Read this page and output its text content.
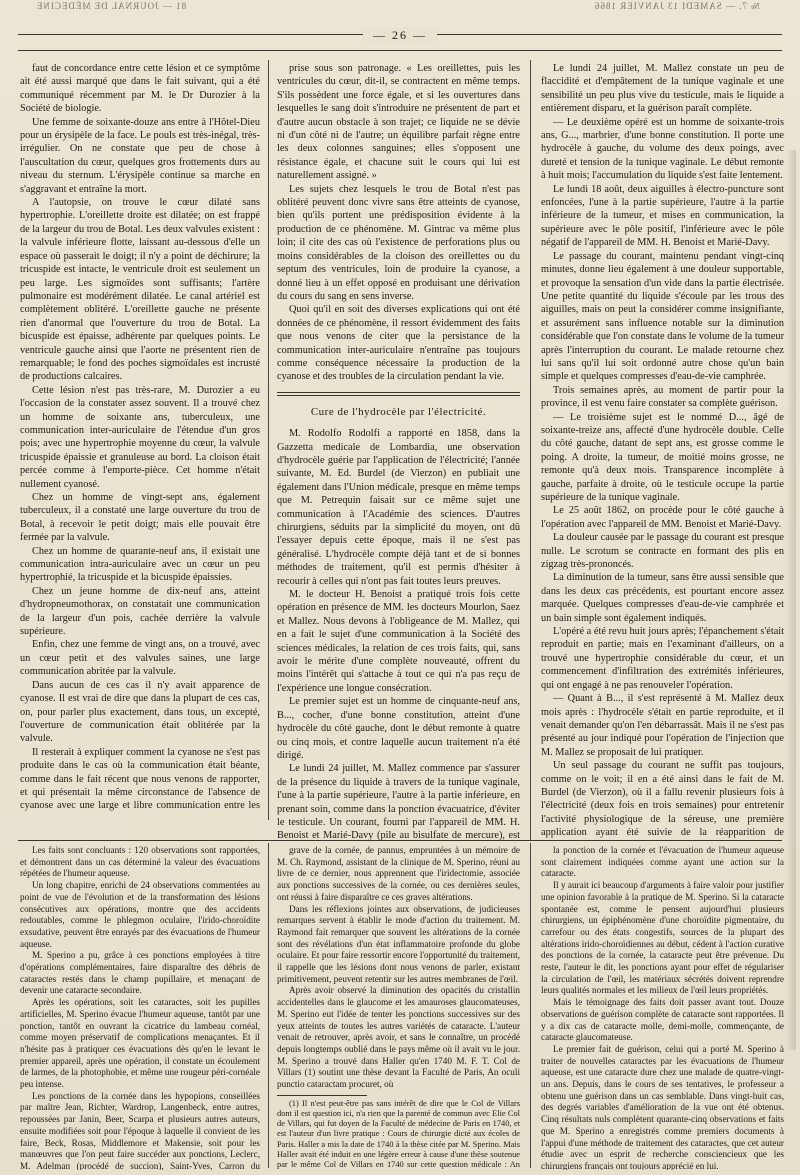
81 — JOURNAL DE MÉDECINE	№ 7. — SAMEDI 13 JANVIER 1866
— 26 —

faut de concordance entre cette lésion et ce symptôme ait été aussi marqué que dans le fait suivant, qui a été communiqué récemment par M. le Dr Durozier à la Société de biologie.

Une femme de soixante-douze ans entre à l'Hôtel-Dieu pour un érysipèle de la face. Le pouls est très-inégal, très-irrégulier. On ne constate que peu de chose à l'auscultation du cœur, quelques gros frottements durs au niveau du sternum. L'érysipèle continue sa marche en s'aggravant et entraîne la mort.

A l'autopsie, on trouve le cœur dilaté sans hypertrophie. L'oreillette droite est dilatée; on est frappé de la largeur du trou de Botal. Les deux valvules existent : la valvule inférieure flotte, laissant au-dessous d'elle un espace où passerait le doigt; il n'y a point de déchirure; la tricuspide est intacte, le ventricule droit est seulement un peu large. Les sigmoïdes sont suffisants; l'artère pulmonaire est modérément dilatée. Le canal artériel est complètement oblitéré. L'oreillette gauche ne présente rien d'anormal que l'ouverture du trou de Botal. La bicuspide est épaisse, adhérente par quelques points. Le ventricule gauche ainsi que l'aorte ne présentent rien de remarquable; le fond des poches sigmoïdales est incrusté de productions calcaires.

Cette lésion n'est pas très-rare, M. Durozier a eu l'occasion de la constater assez souvent. Il a trouvé chez un homme de soixante ans, tuberculeux, une communication inter-auriculaire de l'étendue d'un gros pois; avec une hypertrophie moyenne du cœur, la valvule tricuspide épaissie et granuleuse au bord. La cloison était percée comme à l'emporte-pièce. Cet homme n'était nullement cyanosé.

Chez un homme de vingt-sept ans, également tuberculeux, il a constaté une large ouverture du trou de Botal, à recevoir le petit doigt; mais elle pouvait être fermée par la valvule.

Chez un homme de quarante-neuf ans, il existait une communication intra-auriculaire avec un cœur un peu hypertrophié, la tricuspide et la bicuspide épaissies.

Chez un jeune homme de dix-neuf ans, atteint d'hydropneumothorax, on constatait une communication de la largeur d'un pois, cachée derrière la valvule supérieure.

Enfin, chez une femme de vingt ans, on a trouvé, avec un cœur petit et des valvules saines, une large communication abritée par la valvule.

Dans aucun de ces cas il n'y avait apparence de cyanose. Il est vrai de dire que dans la plupart de ces cas, on, pour parler plus exactement, dans tous, un excepté, l'ouverture de communication était oblitérée par la valvule.

Il resterait à expliquer comment la cyanose ne s'est pas produite dans le cas où la communication était béante, comme dans le fait récent que nous venons de rapporter, et qui présentait la même circonstance de l'absence de cyanose avec une large et libre communication entre les

prise sous son patronage. « Les oreillettes, puis les ventricules du cœur, dit-il, se contractent en même temps. S'ils possèdent une force égale, et si les ouvertures dans lesquelles le sang doit s'introduire ne présentent de part et d'autre aucun obstacle à son trajet; ce liquide ne se dévie ni d'un côté ni de l'autre; un équilibre parfait règne entre les deux colonnes sanguines; elles s'opposent une résistance égale, et chacune suit le cours qui lui est naturellement assigné. »

Les sujets chez lesquels le trou de Botal n'est pas oblitéré peuvent donc vivre sans être atteints de cyanose, bien qu'ils portent une prédisposition évidente à la production de ce phénomène. M. Gintrac va même plus loin; il cite des cas où l'existence de perforations plus ou moins considérables de la cloison des oreillettes ou du septum des ventricules, loin de produire la cyanose, a donné lieu à un effet opposé en produisant une dérivation du cours du sang en sens inverse.

Quoi qu'il en soit des diverses explications qui ont été données de ce phénomène, il ressort évidemment des faits que nous venons de citer que la persistance de la communication inter-auriculaire n'entraîne pas toujours comme conséquence nécessaire la production de la cyanose et des troubles de la circulation pendant la vie.

Cure de l'hydrocèle par l'électricité.

M. Rodolfo Rodolfi a rapporté en 1858, dans la Gazzetta medicale de Lombardia, une observation d'hydrocèle guérie par l'application de l'électricité; l'année suivante, M. Ed. Burdel (de Vierzon) en publiait une également dans l'Union médicale, presque en même temps que M. Petrequin faisait sur ce même sujet une communication à l'Académie des sciences. D'autres chirurgiens, séduits par la simplicité du moyen, ont dû l'essayer depuis cette époque, mais il ne s'est pas généralisé. L'hydrocèle compte déjà tant et de si bonnes méthodes de traitement, qu'il est permis d'hésiter à recourir à celles qui n'ont pas fait toutes leurs preuves.

M. le docteur H. Benoist a pratiqué trois fois cette opération en présence de MM. les docteurs Mourlon, Saez et Mallez. Nous devons à l'obligeance de M. Mallez, qui en a fait le sujet d'une communication à la Société des sciences médicales, la relation de ces trois faits, qui, sans avoir le mérite d'une complète nouveauté, offrent du moins l'intérêt qui s'attache à tout ce qui n'a pas reçu de l'expérience une longue consécration.

Le premier sujet est un homme de cinquante-neuf ans, B..., cocher, d'une bonne constitution, atteint d'une hydrocèle du côté gauche, dont le début remonte à quatre ou cinq mois, et contre laquelle aucun traitement n'a été dirigé.

Le lundi 24 juillet, M. Mallez commence par s'assurer de la présence du liquide à travers de la tunique vaginale, l'une à la partie supérieure, l'autre à la partie inférieure, en prenant soin, comme dans la ponction évacuatrice, d'éviter le testicule. Un courant, fourni par l'appareil de MM. H. Benoist et Marié-Davy (pile au bisulfate de mercure), est

Le lundi 24 juillet, M. Mallez constate un peu de flaccidité et d'empâtement de la tunique vaginale et une sensibilité un peu plus vive du testicule, mais le liquide a entièrement disparu, et la guérison paraît complète.

— Le deuxième opéré est un homme de soixante-trois ans, G..., marbrier, d'une bonne constitution. Il porte une hydrocèle à gauche, du volume des deux poings, avec dureté et tension de la tunique vaginale. Le début remonte à huit mois; l'accumulation du liquide s'est faite lentement.

Le lundi 18 août, deux aiguilles à électro-puncture sont enfoncées, l'une à la partie supérieure, l'autre à la partie inférieure de la tumeur, et mises en communication, la supérieure avec le pôle positif, l'inférieure avec le pôle négatif de l'appareil de MM. H. Benoist et Marié-Davy.

Le passage du courant, maintenu pendant vingt-cinq minutes, donne lieu également à une douleur supportable, et provoque la sensation d'un vide dans la partie électrisée. Une petite quantité du liquide s'écoule par les trous des aiguilles, mais on peut la considérer comme insignifiante, et assurément sans influence notable sur la diminution considérable que l'on constate dans le volume de la tumeur après l'interruption du courant. Le malade retourne chez lui sans qu'il lui soit ordonné autre chose qu'un bain simple et quelques compresses d'eau-de-vie camphrée.

Trois semaines après, au moment de partir pour la province, il est venu faire constater sa complète guérison.

— Le troisième sujet est le nommé D..., âgé de soixante-treize ans, affecté d'une hydrocèle double. Celle du côté gauche, datant de sept ans, est grosse comme le poing. A droite, la tumeur, de moitié moins grosse, ne remonte qu'à deux mois. Transparence incomplète à gauche, parfaite à droite, où le testicule occupe la partie supérieure de la tunique vaginale.

Le 25 août 1862, on procède pour le côté gauche à l'opération avec l'appareil de MM. Benoist et Marié-Davy.

La douleur causée par le passage du courant est presque nulle. Le scrotum se contracte en formant des plis en zigzag très-prononcés.

La diminution de la tumeur, sans être aussi sensible que dans les deux cas précédents, est pourtant encore assez marquée. Quelques compresses d'eau-de-vie camphrée et un bain simple sont également indiqués.

L'opéré a été revu huit jours après; l'épanchement s'était reproduit en partie; mais en l'examinant d'ailleurs, on a trouvé une hypertrophie considérable du cœur, et un commencement d'infiltration des extrémités inférieures, qui ont engagé à ne pas renouveler l'opération.

— Quant à B..., il s'est représenté à M. Mallez deux mois après : l'hydrocèle s'était en partie reproduite, et il venait demander qu'on l'en débarrassât. Mais il ne s'est pas présenté au jour indiqué pour l'opération de l'injection que M. Mallez se proposait de lui pratiquer.

Un seul passage du courant ne suffit pas toujours, comme on le voit; il en a été ainsi dans le fait de M. Burdel (de Vierzon), où il a fallu revenir plusieurs fois à l'électricité (deux fois en trois semaines) pour entretenir l'activité physiologique de la séreuse, une première application ayant été suivie de la réapparition de

Les faits sont concluants : 120 observations sont rapportées, et démontrent dans un cas déterminé la valeur des évacuations répétées de l'humeur aqueuse.

Un long chapitre, enrichi de 24 observations commentées au point de vue de l'évolution et de la transformation des lésions consécutives aux opérations, montre que des accidents redoutables, comme le phlegmon oculaire, l'irido-choroïdite exsudative, peuvent être enrayés par des évacuations de l'humeur aqueuse.

M. Sperino a pu, grâce à ces ponctions employées à titre d'opérations complémentaires, faire disparaître des débris de cataractes restés dans le champ pupillaire, et menaçant de devenir une cataracte secondaire.

Après les opérations, soit les cataractes, soit les pupilles artificielles, M. Sperino évacue l'humeur aqueuse, tantôt par une ponction, tantôt en ouvrant la cicatrice du lambeau cornéal, comme moyen préservatif de complications menaçantes. Et il n'hésite pas à pratiquer ces évacuations dès qu'en le levant le premier appareil, après une opération, il constate un écoulement de larmes, de la photophobie, et même une rougeur péri-cornéale peu intense.

Les ponctions de la cornée dans les hypopions, conseillées par maître Jean, Richter, Wardrop, Langenbeck, entre autres, repoussées par Janin, Beer, Scarpa et plusieurs autres auteurs, ensuite modifiées soit pour l'époque à laquelle il convient de les faire, Beck, Rosas, Middlemore et Makensie, soit pour les manœuvres que l'on peut faire succéder aux ponctions, Leclerc, M. Adelman (procédé de succion), Saint-Yves, Carron du

grave de la cornée, de pannus, empruntées à un mémoire de M. Ch. Raymond, assistant de la clinique de M. Sperino, réuni au livre de ce dernier, nous apprennent que l'iridectomie, associée aux ponctions successives de la cornée, ou ces dernières seules, ont réussi à faire disparaître ce ces graves altérations.

Dans les réflexions jointes aux observations, de judicieuses remarques servent à établir le mode d'action du traitement. M. Raymond fait remarquer que souvent les altérations de la cornée sont des révélations d'un état inflammatoire profonde du globe oculaire. Et pour faire ressortir encore l'opportunité du traitement, il rappelle que les lésions dont nous venons de parler, existant primitivement, peuvent retentir sur les autres membranes de l'œil.

Après avoir observé la diminution des opacités du cristallin accidentelles dans le glaucome et les amauroses glaucomateuses, M. Sperino eut l'idée de tenter les ponctions successives sur des yeux atteints de toutes les autres variétés de cataracte. L'auteur venait de retrouver, après avoir, et sans le connaître, un procédé depuis longtemps oublié dans le pays même où il avait vu le jour. M. Sperino a trouvé dans Haller qu'en 1740 M. F. T. Col de Villars (1) soutint une thèse devant la Faculté de Paris, An oculi punctio cataractam procuret, où

(1) Il n'est peut-être pas sans intérêt de dire que le Col de Villars dont il est question ici, n'a rien que la parenté de commun avec Elie Col de Villars, qui fut doyen de la Faculté de médecine de Paris en 1740, et est l'auteur d'un livre pratique : Cours de chirurgie dicté aux écoles de Paris. Haller a mis la date de 1740 à la thèse citée par M. Sperino. Mais Haller avait été induit en une légère erreur à cause d'une thèse soutenue par le même Col de Villars en 1740 sur cette question médicale : An

la ponction de la cornée et l'évacuation de l'humeur aqueuse sont clairement indiquées comme ayant une action sur la cataracte.

Il y aurait ici beaucoup d'arguments à faire valoir pour justifier une opinion favorable à la pratique de M. Sperino. Si la cataracte spontanée est, comme le pensent aujourd'hui plusieurs chirurgiens, un épiphénomène d'une choroïdite pigmentaire, du carrefour ou des états congestifs, sources de la plupart des altérations irido-choroïdiennes au début, cédent à l'action curative des ponctions de la cornée, la cataracte peut être prévenue. Du reste, l'auteur le dit, les ponctions ayant pour effet de régulariser la circulation de l'œil, les matériaux sécrétés doivent reprendre leurs qualités normales et les milieux de l'œil leurs propriétés.

Mais le témoignage des faits doit passer avant tout. Douze observations de guérison complète de cataracte sont rapportées. Il y a dix cas de cataracte molle, demi-molle, commençante, de cataracte glaucomateuse.

Le premier fait de guérison, celui qui a porté M. Sperino à traiter de nouvelles cataractes par les évacuations de l'humeur aqueuse, est une cataracte dure chez une malade de quatre-vingt-un ans. Depuis, dans le cours de ses tentatives, le professeur a obtenu une guérison dans un cas semblable. Dans vingt-huit cas, des degrés variables d'amélioration de la vue ont été obtenus. Cinq résultats nuls complètent quarante-cinq observations et faits que M. Sperino a enregistrés comme premiers documents à l'appui d'une méthode de traitement des cataractes, que cet auteur étudie avec un esprit de recherche consciencieux que les chirurgiens français ont toujours apprécié en lui.
